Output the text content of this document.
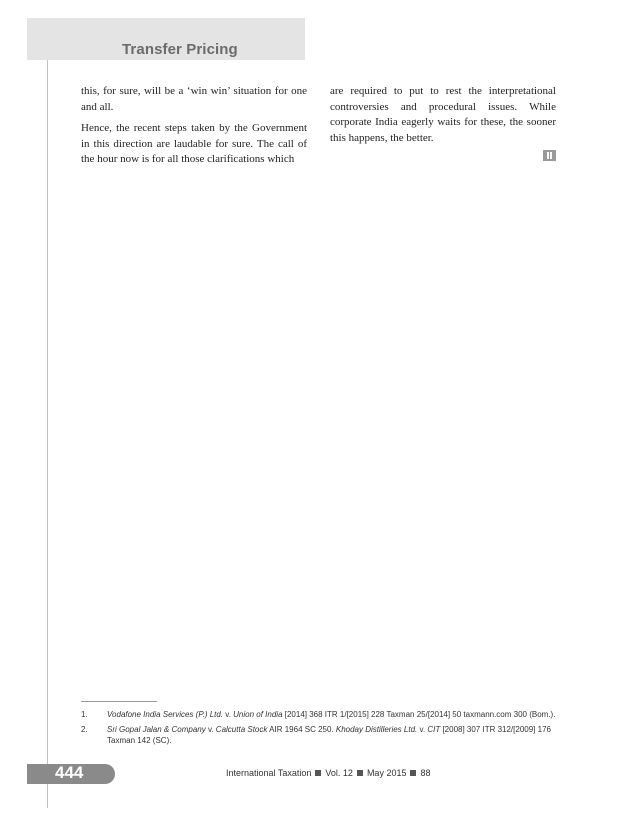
Transfer Pricing

this, for sure, will be a ‘win win’ situation for one and all.

Hence, the recent steps taken by the Government in this direction are laudable for sure. The call of the hour now is for all those clarifications which

are required to put to rest the interpretational controversies and procedural issues. While corporate India eagerly waits for these, the sooner this happens, the better.

1.	Vodafone India Services (P.) Ltd. v. Union of India [2014] 368 ITR 1/[2015] 228 Taxman 25/[2014] 50 taxmann.com 300 (Bom.).
2.	Sri Gopal Jalan & Company v. Calcutta Stock AIR 1964 SC 250. Khoday Distilleries Ltd. v. CIT [2008] 307 ITR 312/[2009] 176 Taxman 142 (SC).
444	International Taxation Vol. 12 May 2015 88
